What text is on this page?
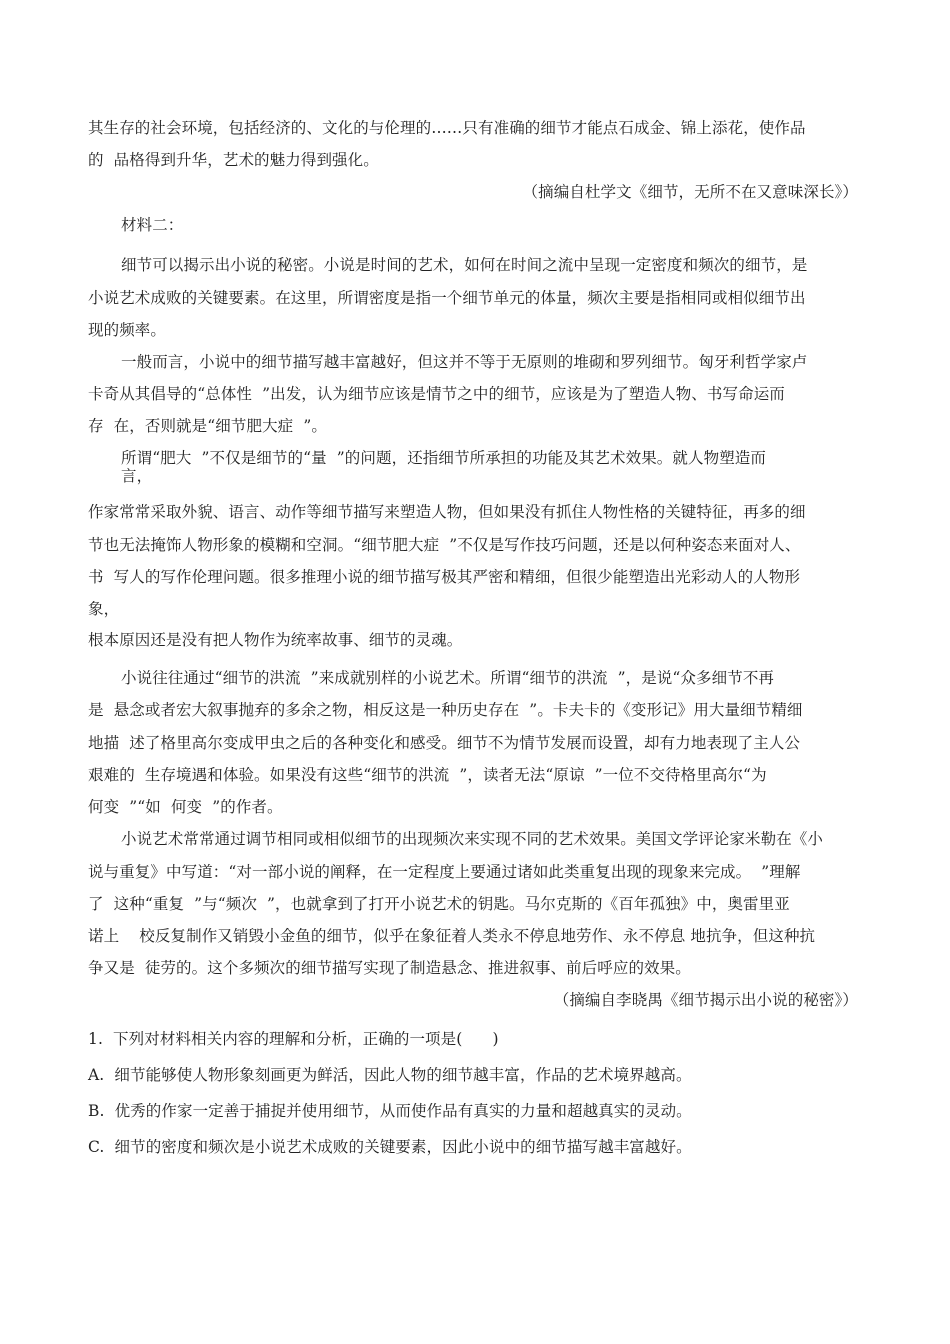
其生存的社会环境，包括经济的、文化的与伦理的……只有准确的细节才能点石成金、锦上添花，使作品
的  品格得到升华，艺术的魅力得到强化。
（摘编自杜学文《细节，无所不在又意味深长》）
材料二：
细节可以揭示出小说的秘密。小说是时间的艺术，如何在时间之流中呈现一定密度和频次的细节，是
小说艺术成败的关键要素。在这里，所谓密度是指一个细节单元的体量，频次主要是指相同或相似细节出
现的频率。
一般而言，小说中的细节描写越丰富越好，但这并不等于无原则的堆砌和罗列细节。匈牙利哲学家卢
卡奇从其倡导的“总体性  ”出发，认为细节应该是情节之中的细节，应该是为了塑造人物、书写命运而
存  在，否则就是“细节肥大症  ”。
所谓“肥大  ”不仅是细节的“量  ”的问题，还指细节所承担的功能及其艺术效果。就人物塑造而
言，
作家常常采取外貌、语言、动作等细节描写来塑造人物，但如果没有抓住人物性格的关键特征，再多的细
节也无法掩饰人物形象的模糊和空洞。“细节肥大症  ”不仅是写作技巧问题，还是以何种姿态来面对人、
书  写人的写作伦理问题。很多推理小说的细节描写极其严密和精细，但很少能塑造出光彩动人的人物形
象，
根本原因还是没有把人物作为统率故事、细节的灵魂。
小说往往通过“细节的洪流  ”来成就别样的小说艺术。所谓“细节的洪流  ”，是说“众多细节不再
是  悬念或者宏大叙事抛弃的多余之物，相反这是一种历史存在  ”。卡夫卡的《变形记》用大量细节精细
地描  述了格里高尔变成甲虫之后的各种变化和感受。细节不为情节发展而设置，却有力地表现了主人公
艰难的  生存境遇和体验。如果没有这些“细节的洪流  ”，读者无法“原谅  ”一位不交待格里高尔“为
何变  ”“如  何变  ”的作者。
小说艺术常常通过调节相同或相似细节的出现频次来实现不同的艺术效果。美国文学评论家米勒在《小
说与重复》中写道：“对一部小说的阐释，在一定程度上要通过诸如此类重复出现的现象来完成。  ”理解
了  这种“重复  ”与“频次  ”，也就拿到了打开小说艺术的钥匙。马尔克斯的《百年孤独》中，奥雷里亚
诺上    校反复制作又销毁小金鱼的细节，似乎在象征着人类永不停息地劳作、永不停息 地抗争，但这种抗
争又是  徒劳的。这个多频次的细节描写实现了制造悬念、推进叙事、前后呼应的效果。
（摘编自李晓禺《细节揭示出小说的秘密》）
1.  下列对材料相关内容的理解和分析，正确的一项是(      )
A.  细节能够使人物形象刻画更为鲜活，因此人物的细节越丰富，作品的艺术境界越高。
B.  优秀的作家一定善于捕捉并使用细节，从而使作品有真实的力量和超越真实的灵动。
C.  细节的密度和频次是小说艺术成败的关键要素，因此小说中的细节描写越丰富越好。
